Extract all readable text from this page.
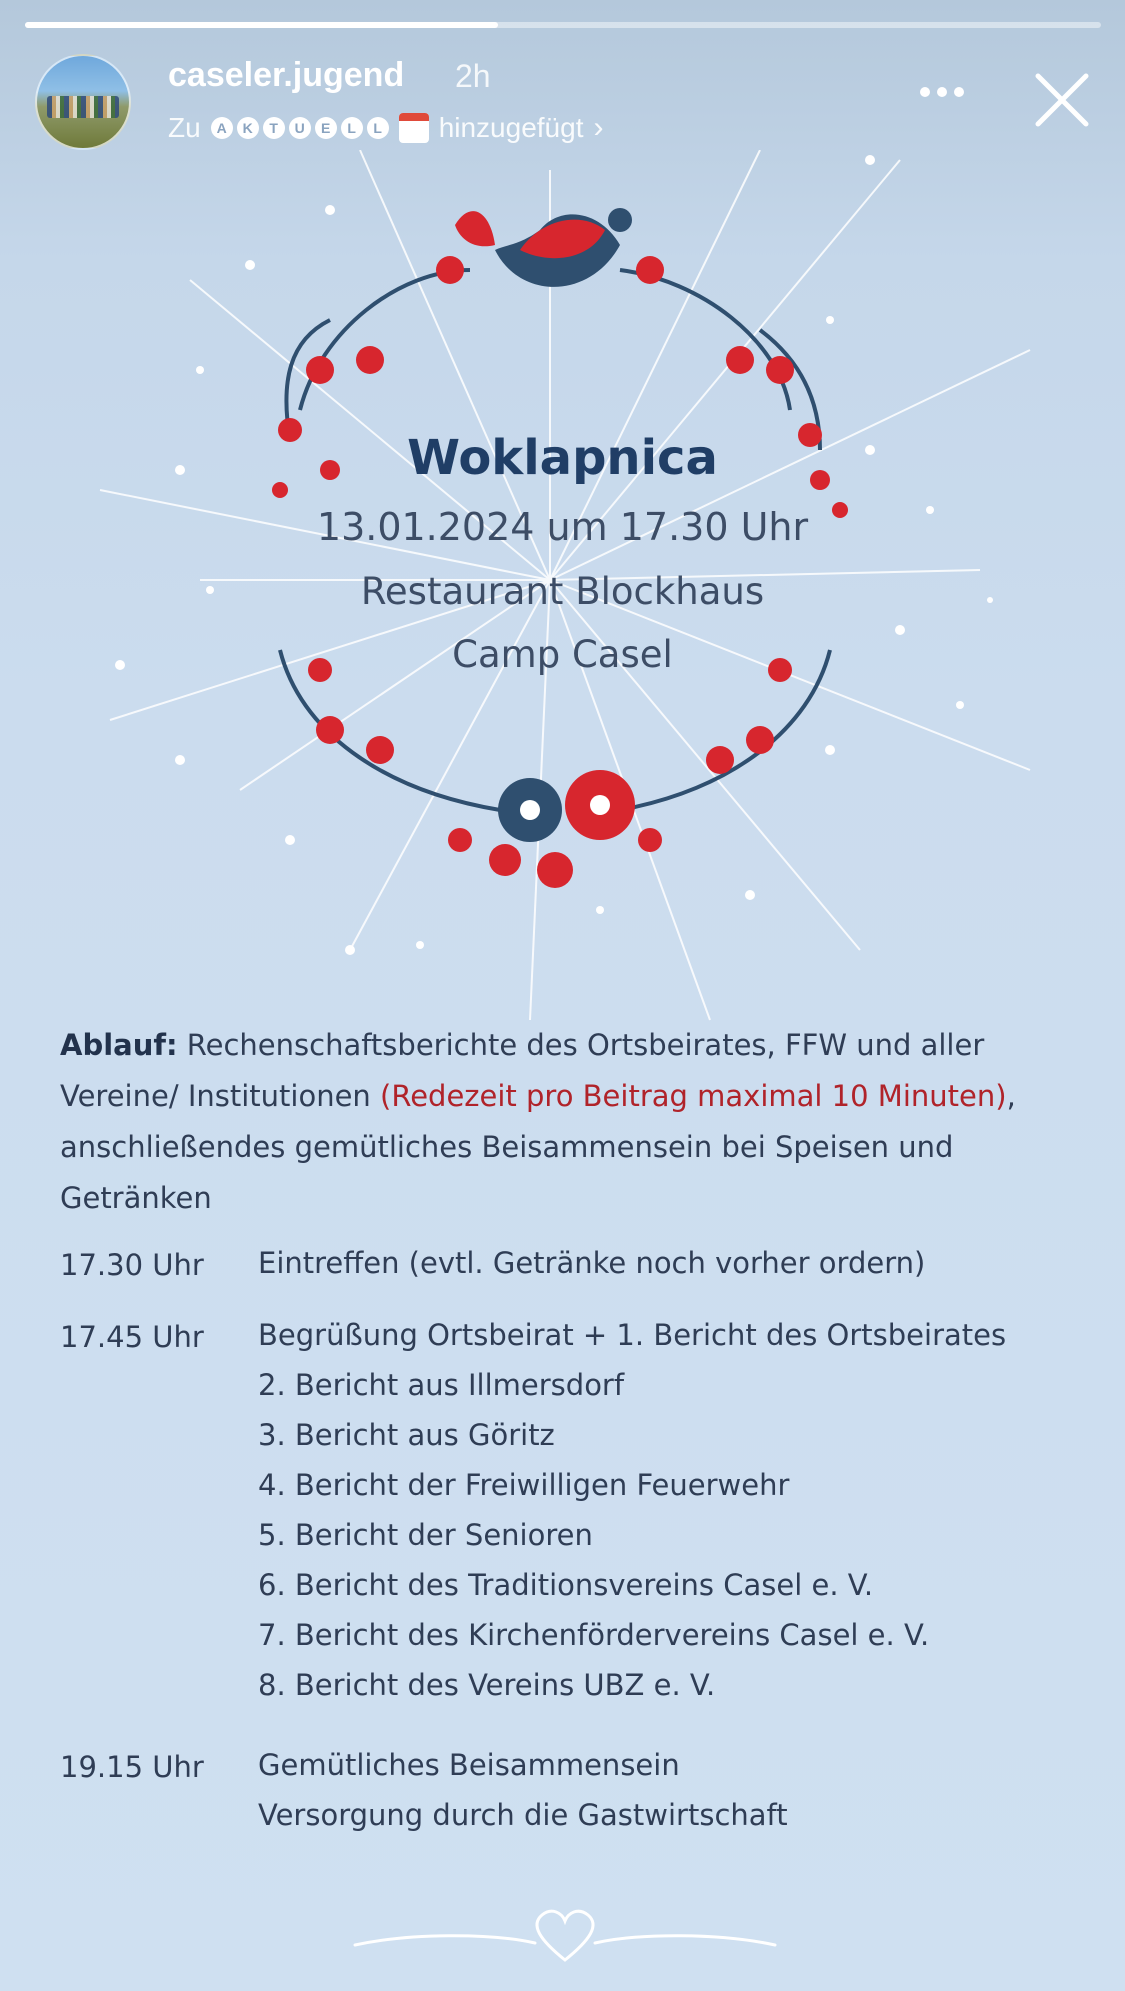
caseler.jugend 2h
Zu	A	K	T	U	E	L	L hinzugefügt ›
Woklapnica
13.01.2024 um 17.30 Uhr
Restaurant Blockhaus
Camp Casel
Ablauf: Rechenschaftsberichte des Ortsbeirates, FFW und aller Vereine/ Institutionen (Redezeit pro Beitrag maximal 10 Minuten), anschließendes gemütliches Beisammensein bei Speisen und Getränken
17.30 Uhr	Eintreffen (evtl. Getränke noch vorher ordern)
17.45 Uhr	Begrüßung Ortsbeirat + 1. Bericht des Ortsbeirates
2. Bericht aus Illmersdorf
3. Bericht aus Göritz
4. Bericht der Freiwilligen Feuerwehr
5. Bericht der Senioren
6. Bericht des Traditionsvereins Casel e. V.
7. Bericht des Kirchenfördervereins Casel e. V.
8. Bericht des Vereins UBZ e. V.
19.15 Uhr	Gemütliches Beisammensein
Versorgung durch die Gastwirtschaft
